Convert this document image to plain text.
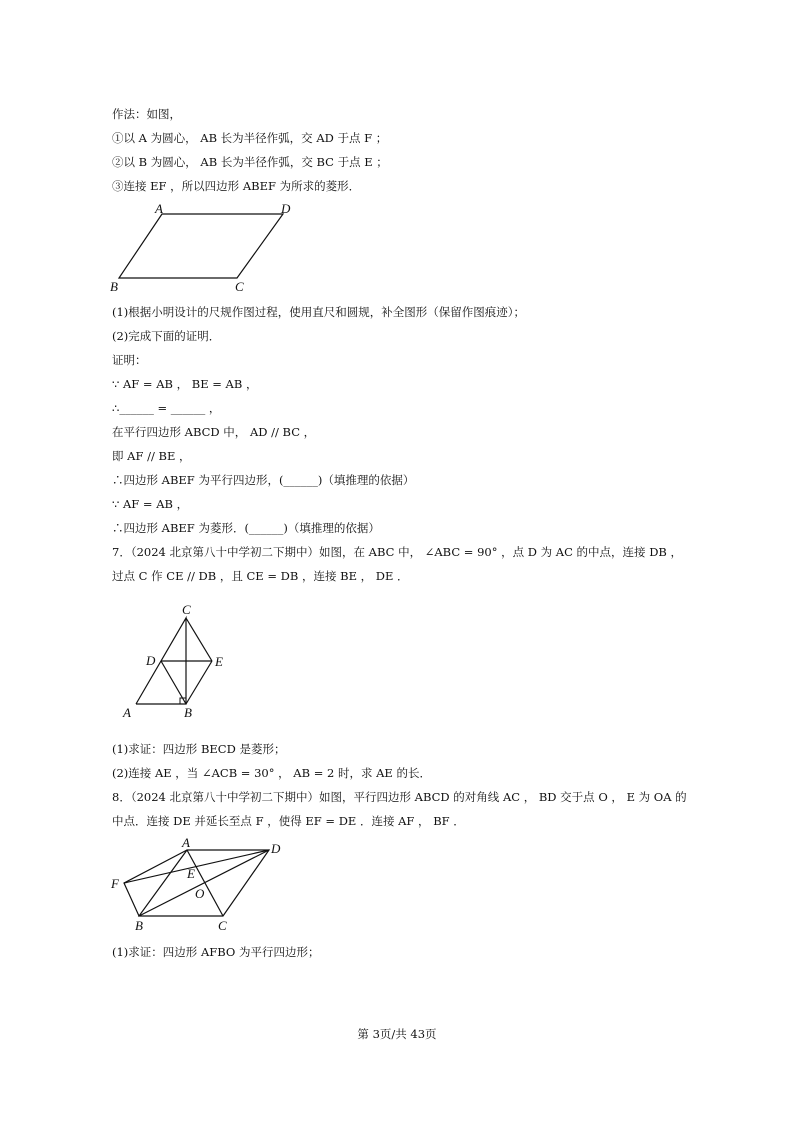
作法：如图，
①以 A 为圆心， AB 长为半径作弧，交 AD 于点 F ；
②以 B 为圆心， AB 长为半径作弧，交 BC 于点 E ；
③连接 EF ，所以四边形 ABEF 为所求的菱形．
A	D
B	C
(1)根据小明设计的尺规作图过程，使用直尺和圆规，补全图形（保留作图痕迹）；
(2)完成下面的证明．
证明：
∵ AF = AB ， BE = AB ，
∴______ = ______ ，
在平行四边形 ABCD 中， AD // BC ，
即 AF // BE ，
∴四边形 ABEF 为平行四边形，(______)（填推理的依据）
∵ AF = AB ，
∴四边形 ABEF 为菱形．(______)（填推理的依据）
7．（2024 北京第八十中学初二下期中）如图，在 ABC 中， ∠ABC = 90° ，点 D 为 AC 的中点，连接 DB ，
过点 C 作 CE // DB ，且 CE = DB ，连接 BE ， DE ．
C
D	E
A	B
(1)求证：四边形 BECD 是菱形；
(2)连接 AE ，当 ∠ACB = 30° ， AB = 2 时，求 AE 的长．
8．（2024 北京第八十中学初二下期中）如图，平行四边形 ABCD 的对角线 AC ， BD 交于点 O ， E 为 OA 的
中点．连接 DE 并延长至点 F ，使得 EF = DE ．连接 AF ， BF ．
A	D
F
E
O
B	C
(1)求证：四边形 AFBO 为平行四边形；
第 3页/共 43页
